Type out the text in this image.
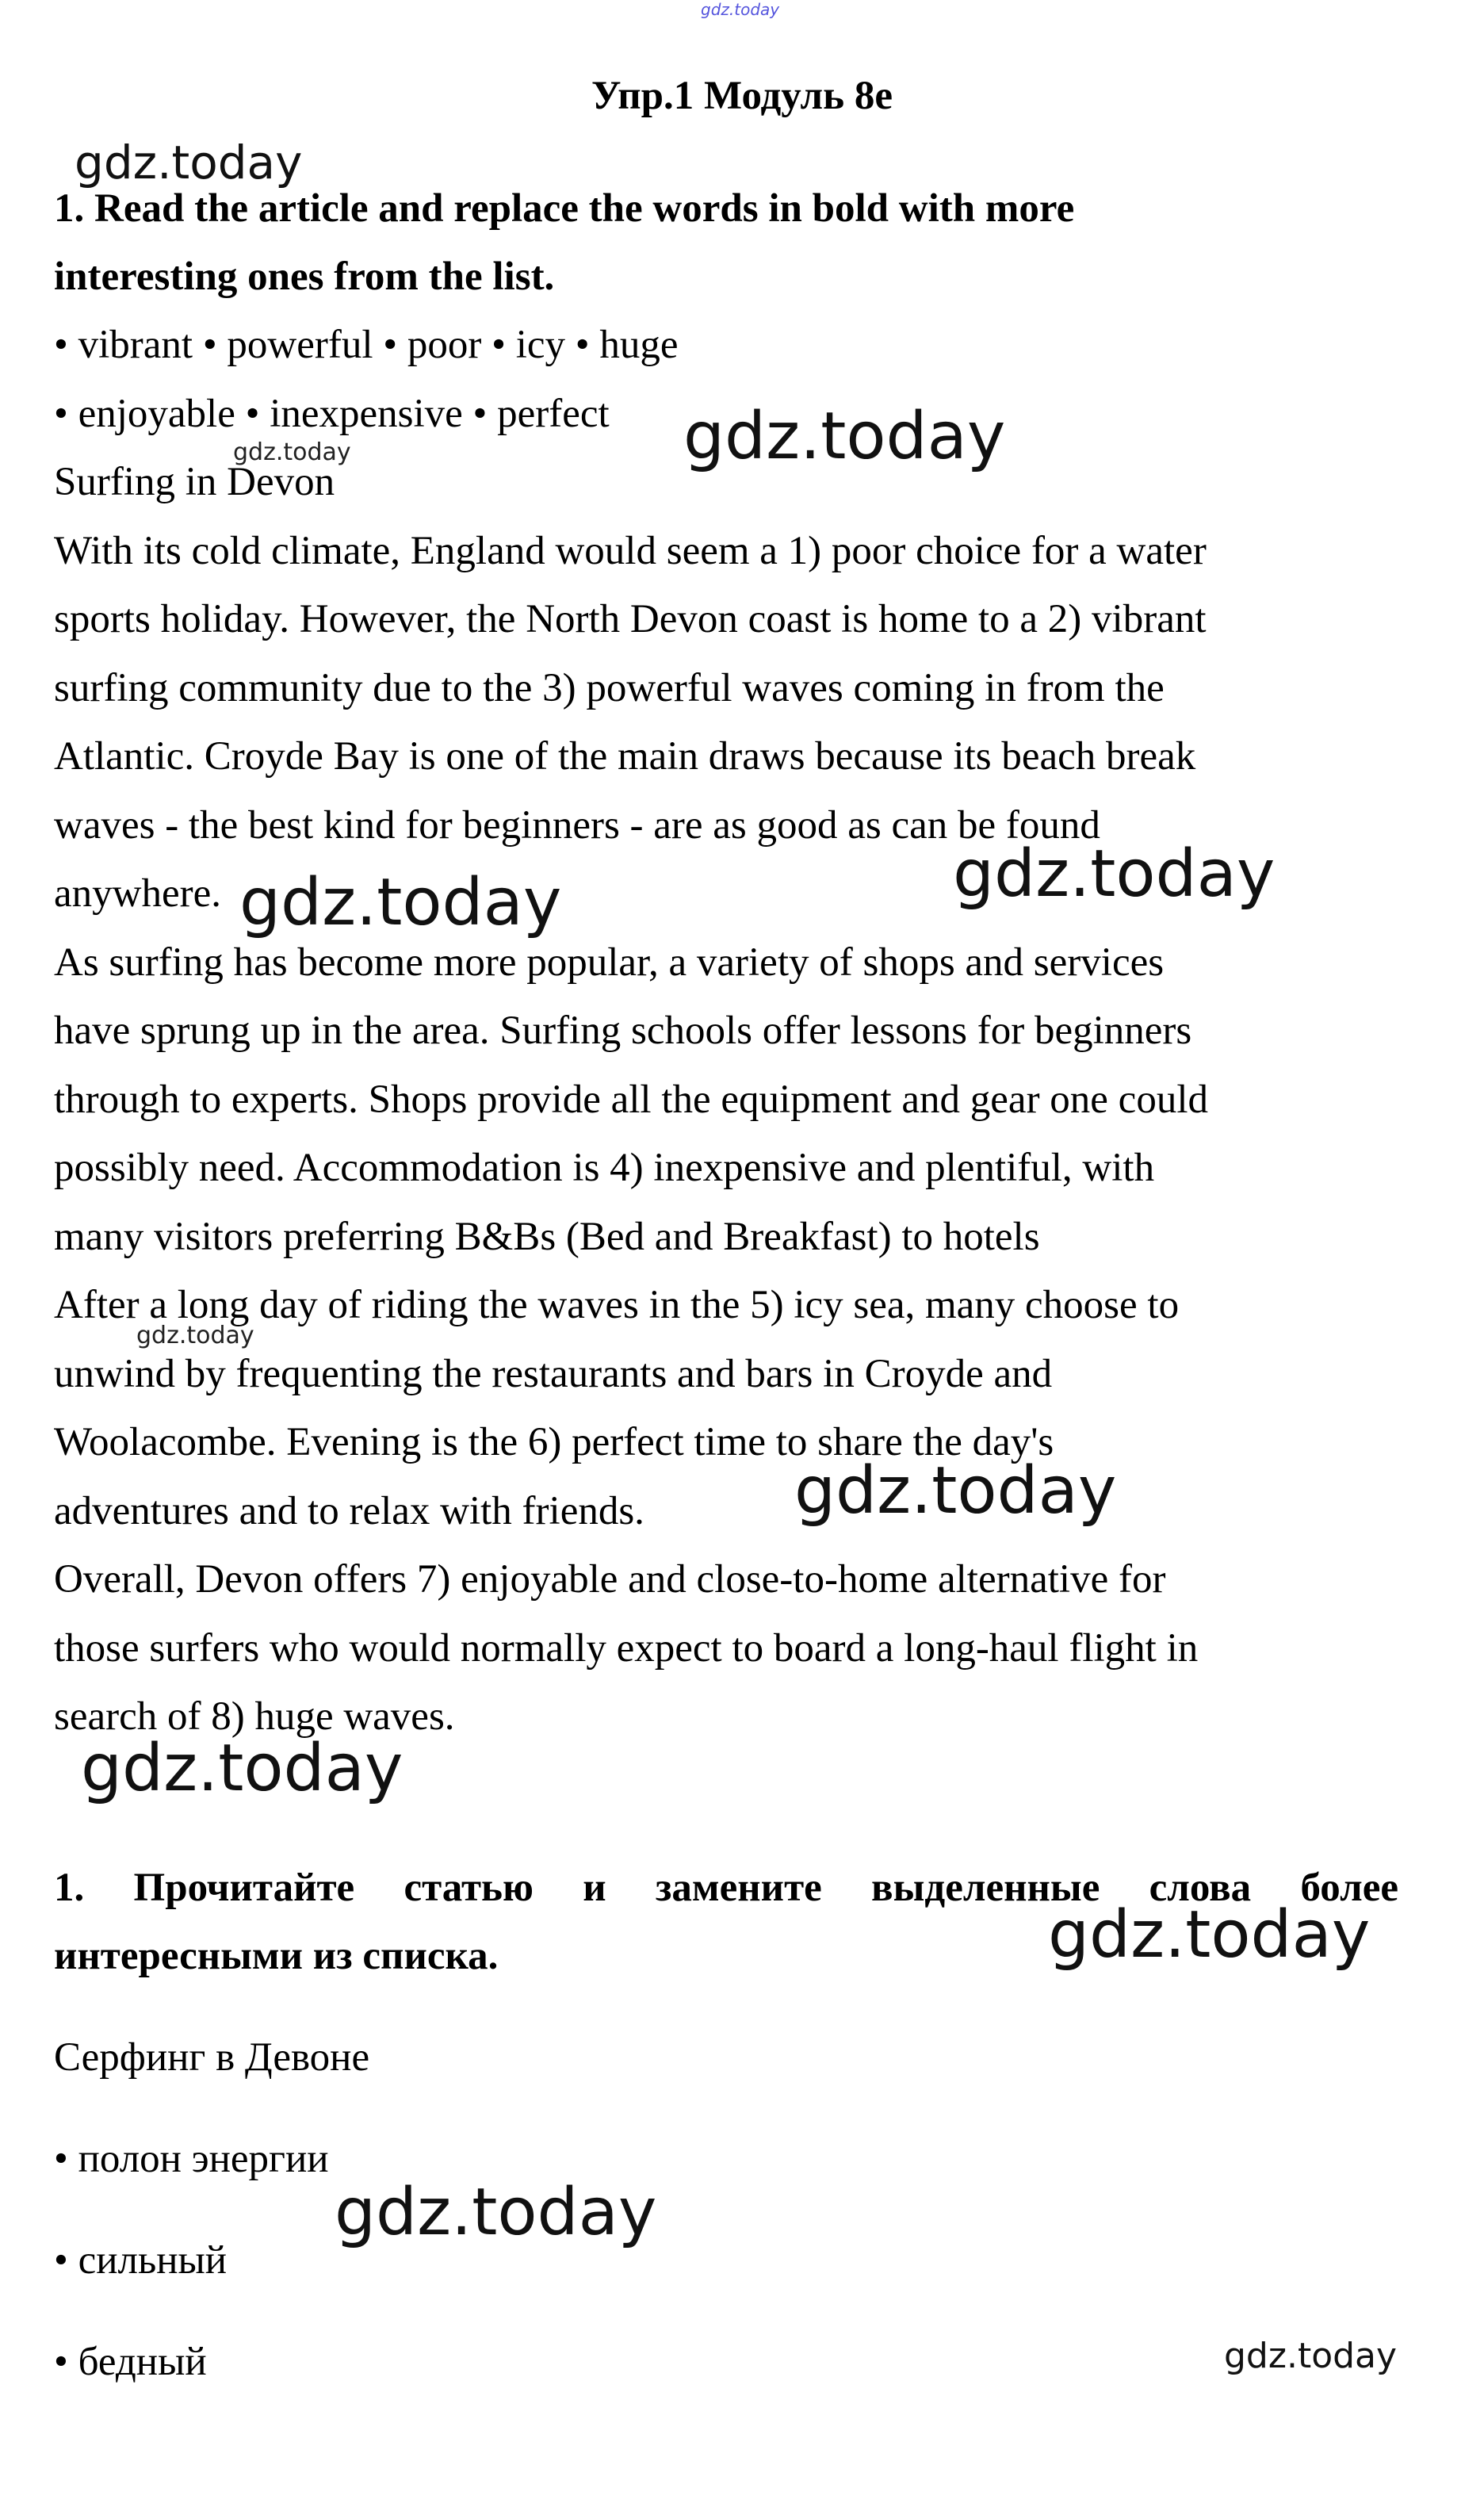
gdz.today
Упр.1 Модуль 8е
1. Read the article and replace the words in bold with more
interesting ones from the list.
• vibrant • powerful • poor • icy • huge
• enjoyable • inexpensive • perfect
Surfing in Devon
With its cold climate, England would seem a 1) poor choice for a water
sports holiday. However, the North Devon coast is home to a 2) vibrant
surfing community due to the 3) powerful waves coming in from the
Atlantic. Croyde Bay is one of the main draws because its beach break
waves - the best kind for beginners - are as good as can be found
anywhere.
As surfing has become more popular, a variety of shops and services
have sprung up in the area. Surfing schools offer lessons for beginners
through to experts. Shops provide all the equipment and gear one could
possibly need. Accommodation is 4) inexpensive and plentiful, with
many visitors preferring B&Bs (Bed and Breakfast) to hotels
After a long day of riding the waves in the 5) icy sea, many choose to
unwind by frequenting the restaurants and bars in Croyde and
Woolacombe. Evening is the 6) perfect time to share the day's
adventures and to relax with friends.
Overall, Devon offers 7) enjoyable and close-to-home alternative for
those surfers who would normally expect to board a long-haul flight in
search of 8) huge waves.
1. Прочитайте статью и замените выделенные слова более
интересными из списка.
Серфинг в Девоне
• полон энергии
• сильный
• бедный
gdz.today
gdz.today	gdz.today
gdz.today	gdz.today
gdz.today
gdz.today
gdz.today
gdz.today
gdz.today
gdz.today
